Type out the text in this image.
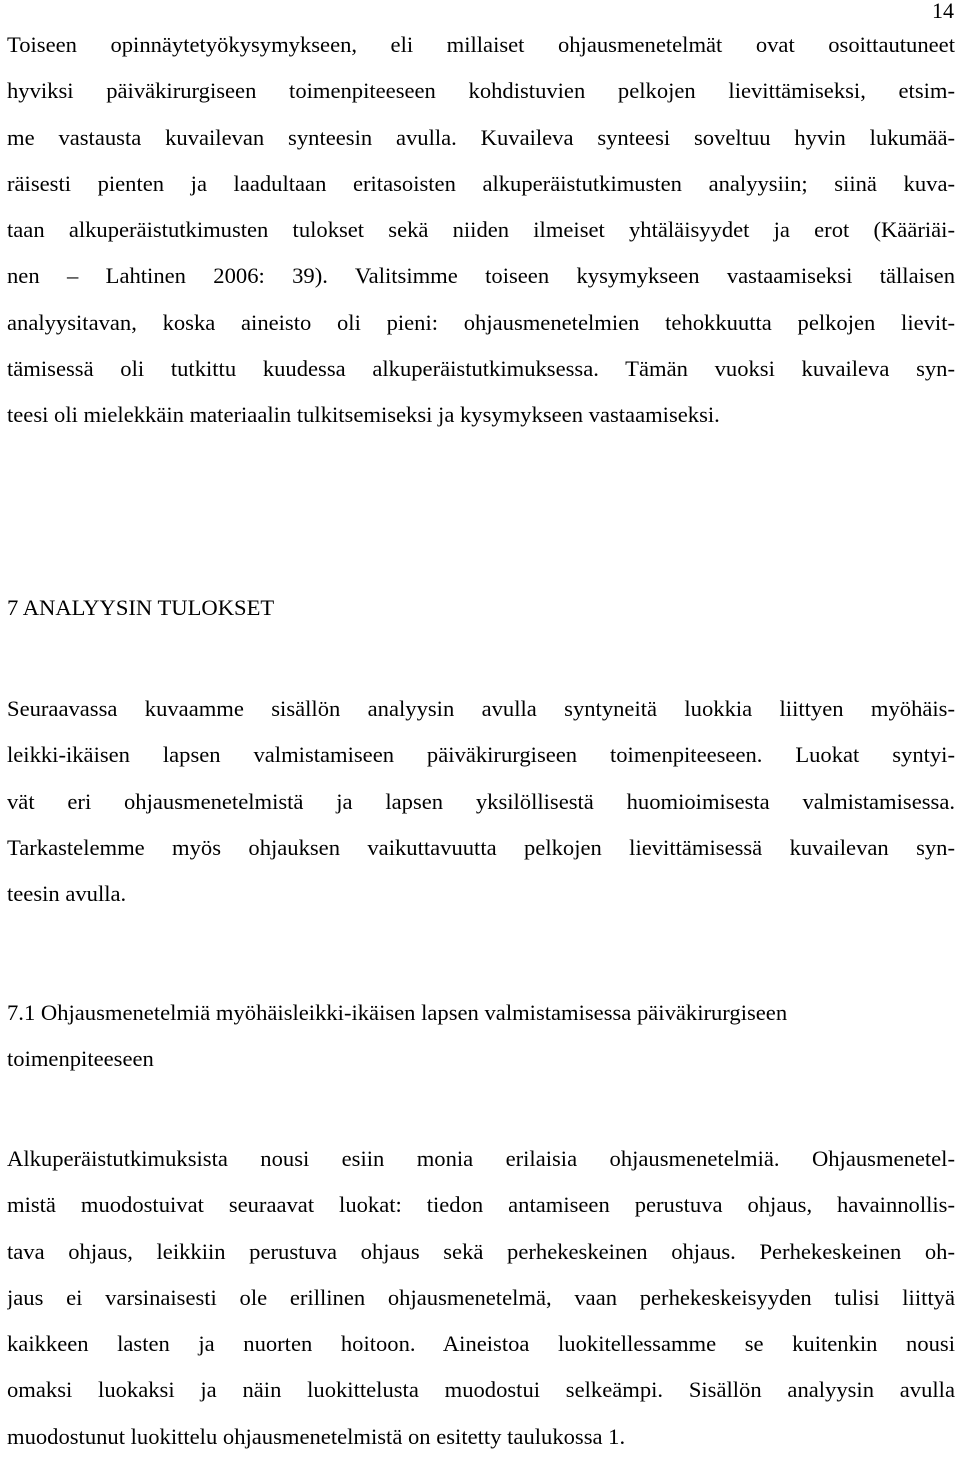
14
Toiseen opinnäytetyökysymykseen, eli millaiset ohjausmenetelmät ovat osoittautuneet
hyviksi päiväkirurgiseen toimenpiteeseen kohdistuvien pelkojen lievittämiseksi, etsim-
me vastausta kuvailevan synteesin avulla. Kuvaileva synteesi soveltuu hyvin lukumää-
räisesti pienten ja laadultaan eritasoisten alkuperäistutkimusten analyysiin; siinä kuva-
taan alkuperäistutkimusten tulokset sekä niiden ilmeiset yhtäläisyydet ja erot (Kääriäi-
nen – Lahtinen 2006: 39). Valitsimme toiseen kysymykseen vastaamiseksi tällaisen
analyysitavan, koska aineisto oli pieni: ohjausmenetelmien tehokkuutta pelkojen lievit-
tämisessä oli tutkittu kuudessa alkuperäistutkimuksessa. Tämän vuoksi kuvaileva syn-
teesi oli mielekkäin materiaalin tulkitsemiseksi ja kysymykseen vastaamiseksi.
7 ANALYYSIN TULOKSET
Seuraavassa kuvaamme sisällön analyysin avulla syntyneitä luokkia liittyen myöhäis-
leikki-ikäisen lapsen valmistamiseen päiväkirurgiseen toimenpiteeseen. Luokat syntyi-
vät eri ohjausmenetelmistä ja lapsen yksilöllisestä huomioimisesta valmistamisessa.
Tarkastelemme myös ohjauksen vaikuttavuutta pelkojen lievittämisessä kuvailevan syn-
teesin avulla.
7.1 Ohjausmenetelmiä myöhäisleikki-ikäisen lapsen valmistamisessa päiväkirurgiseen
toimenpiteeseen
Alkuperäistutkimuksista nousi esiin monia erilaisia ohjausmenetelmiä. Ohjausmenetel-
mistä muodostuivat seuraavat luokat: tiedon antamiseen perustuva ohjaus, havainnollis-
tava ohjaus, leikkiin perustuva ohjaus sekä perhekeskeinen ohjaus. Perhekeskeinen oh-
jaus ei varsinaisesti ole erillinen ohjausmenetelmä, vaan perhekeskeisyyden tulisi liittyä
kaikkeen lasten ja nuorten hoitoon. Aineistoa luokitellessamme se kuitenkin nousi
omaksi luokaksi ja näin luokittelusta muodostui selkeämpi. Sisällön analyysin avulla
muodostunut luokittelu ohjausmenetelmistä on esitetty taulukossa 1.
